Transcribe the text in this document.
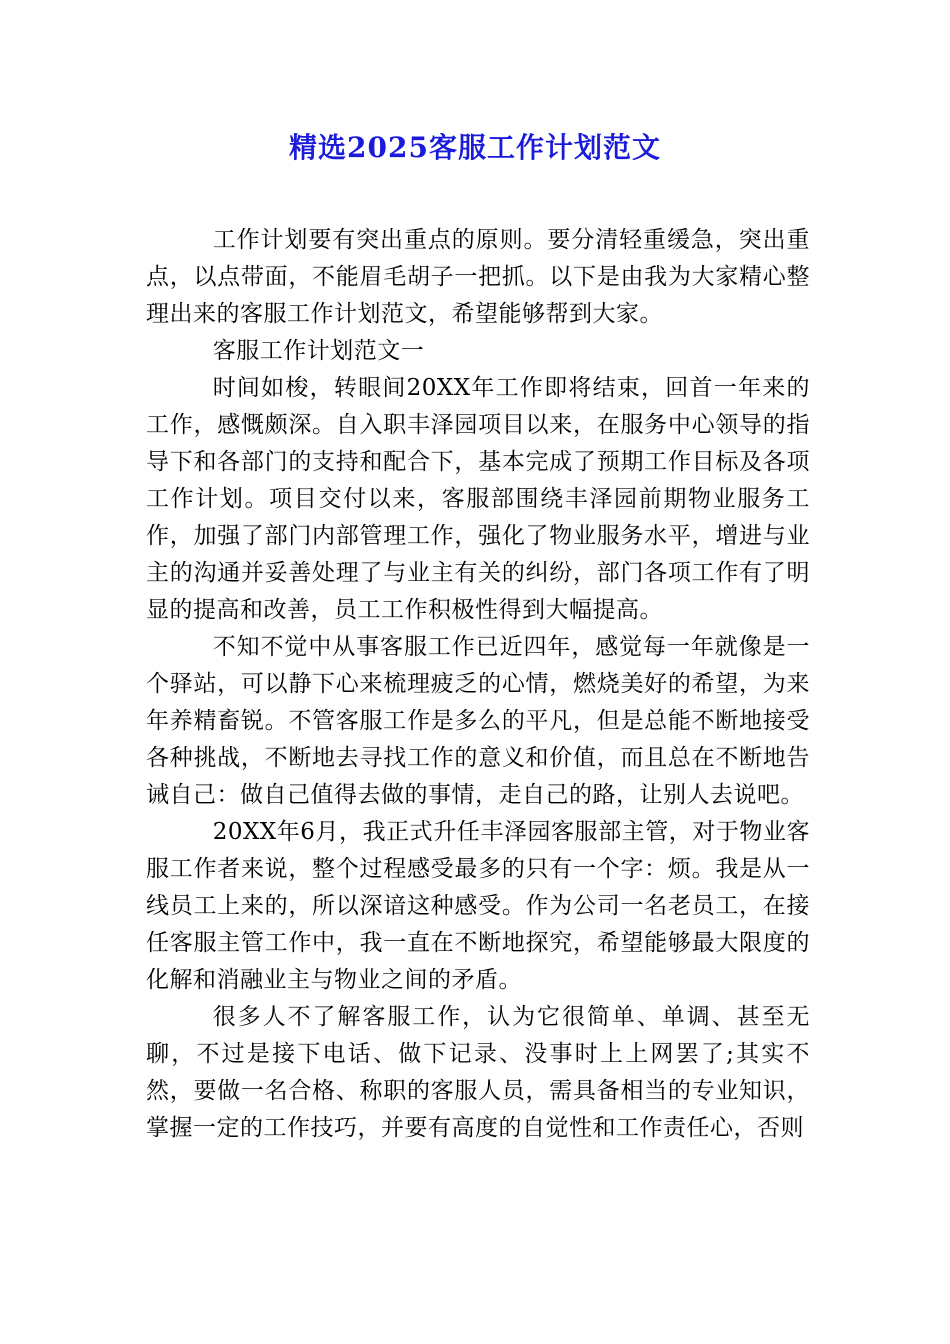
精选2025客服工作计划范文

工作计划要有突出重点的原则。要分清轻重缓急，突出重点，以点带面，不能眉毛胡子一把抓。以下是由我为大家精心整理出来的客服工作计划范文，希望能够帮到大家。

客服工作计划范文一

时间如梭，转眼间20XX年工作即将结束，回首一年来的工作，感慨颇深。自入职丰泽园项目以来，在服务中心领导的指导下和各部门的支持和配合下，基本完成了预期工作目标及各项工作计划。项目交付以来，客服部围绕丰泽园前期物业服务工作，加强了部门内部管理工作，强化了物业服务水平，增进与业主的沟通并妥善处理了与业主有关的纠纷，部门各项工作有了明显的提高和改善，员工工作积极性得到大幅提高。

不知不觉中从事客服工作已近四年，感觉每一年就像是一个驿站，可以静下心来梳理疲乏的心情，燃烧美好的希望，为来年养精畜锐。不管客服工作是多么的平凡，但是总能不断地接受各种挑战，不断地去寻找工作的意义和价值，而且总在不断地告诫自己：做自己值得去做的事情，走自己的路，让别人去说吧。

20XX年6月，我正式升任丰泽园客服部主管，对于物业客服工作者来说，整个过程感受最多的只有一个字：烦。我是从一线员工上来的，所以深谙这种感受。作为公司一名老员工，在接任客服主管工作中，我一直在不断地探究，希望能够最大限度的化解和消融业主与物业之间的矛盾。

很多人不了解客服工作，认为它很简单、单调、甚至无聊，不过是接下电话、做下记录、没事时上上网罢了;其实不然，要做一名合格、称职的客服人员，需具备相当的专业知识，掌握一定的工作技巧，并要有高度的自觉性和工作责任心，否则
